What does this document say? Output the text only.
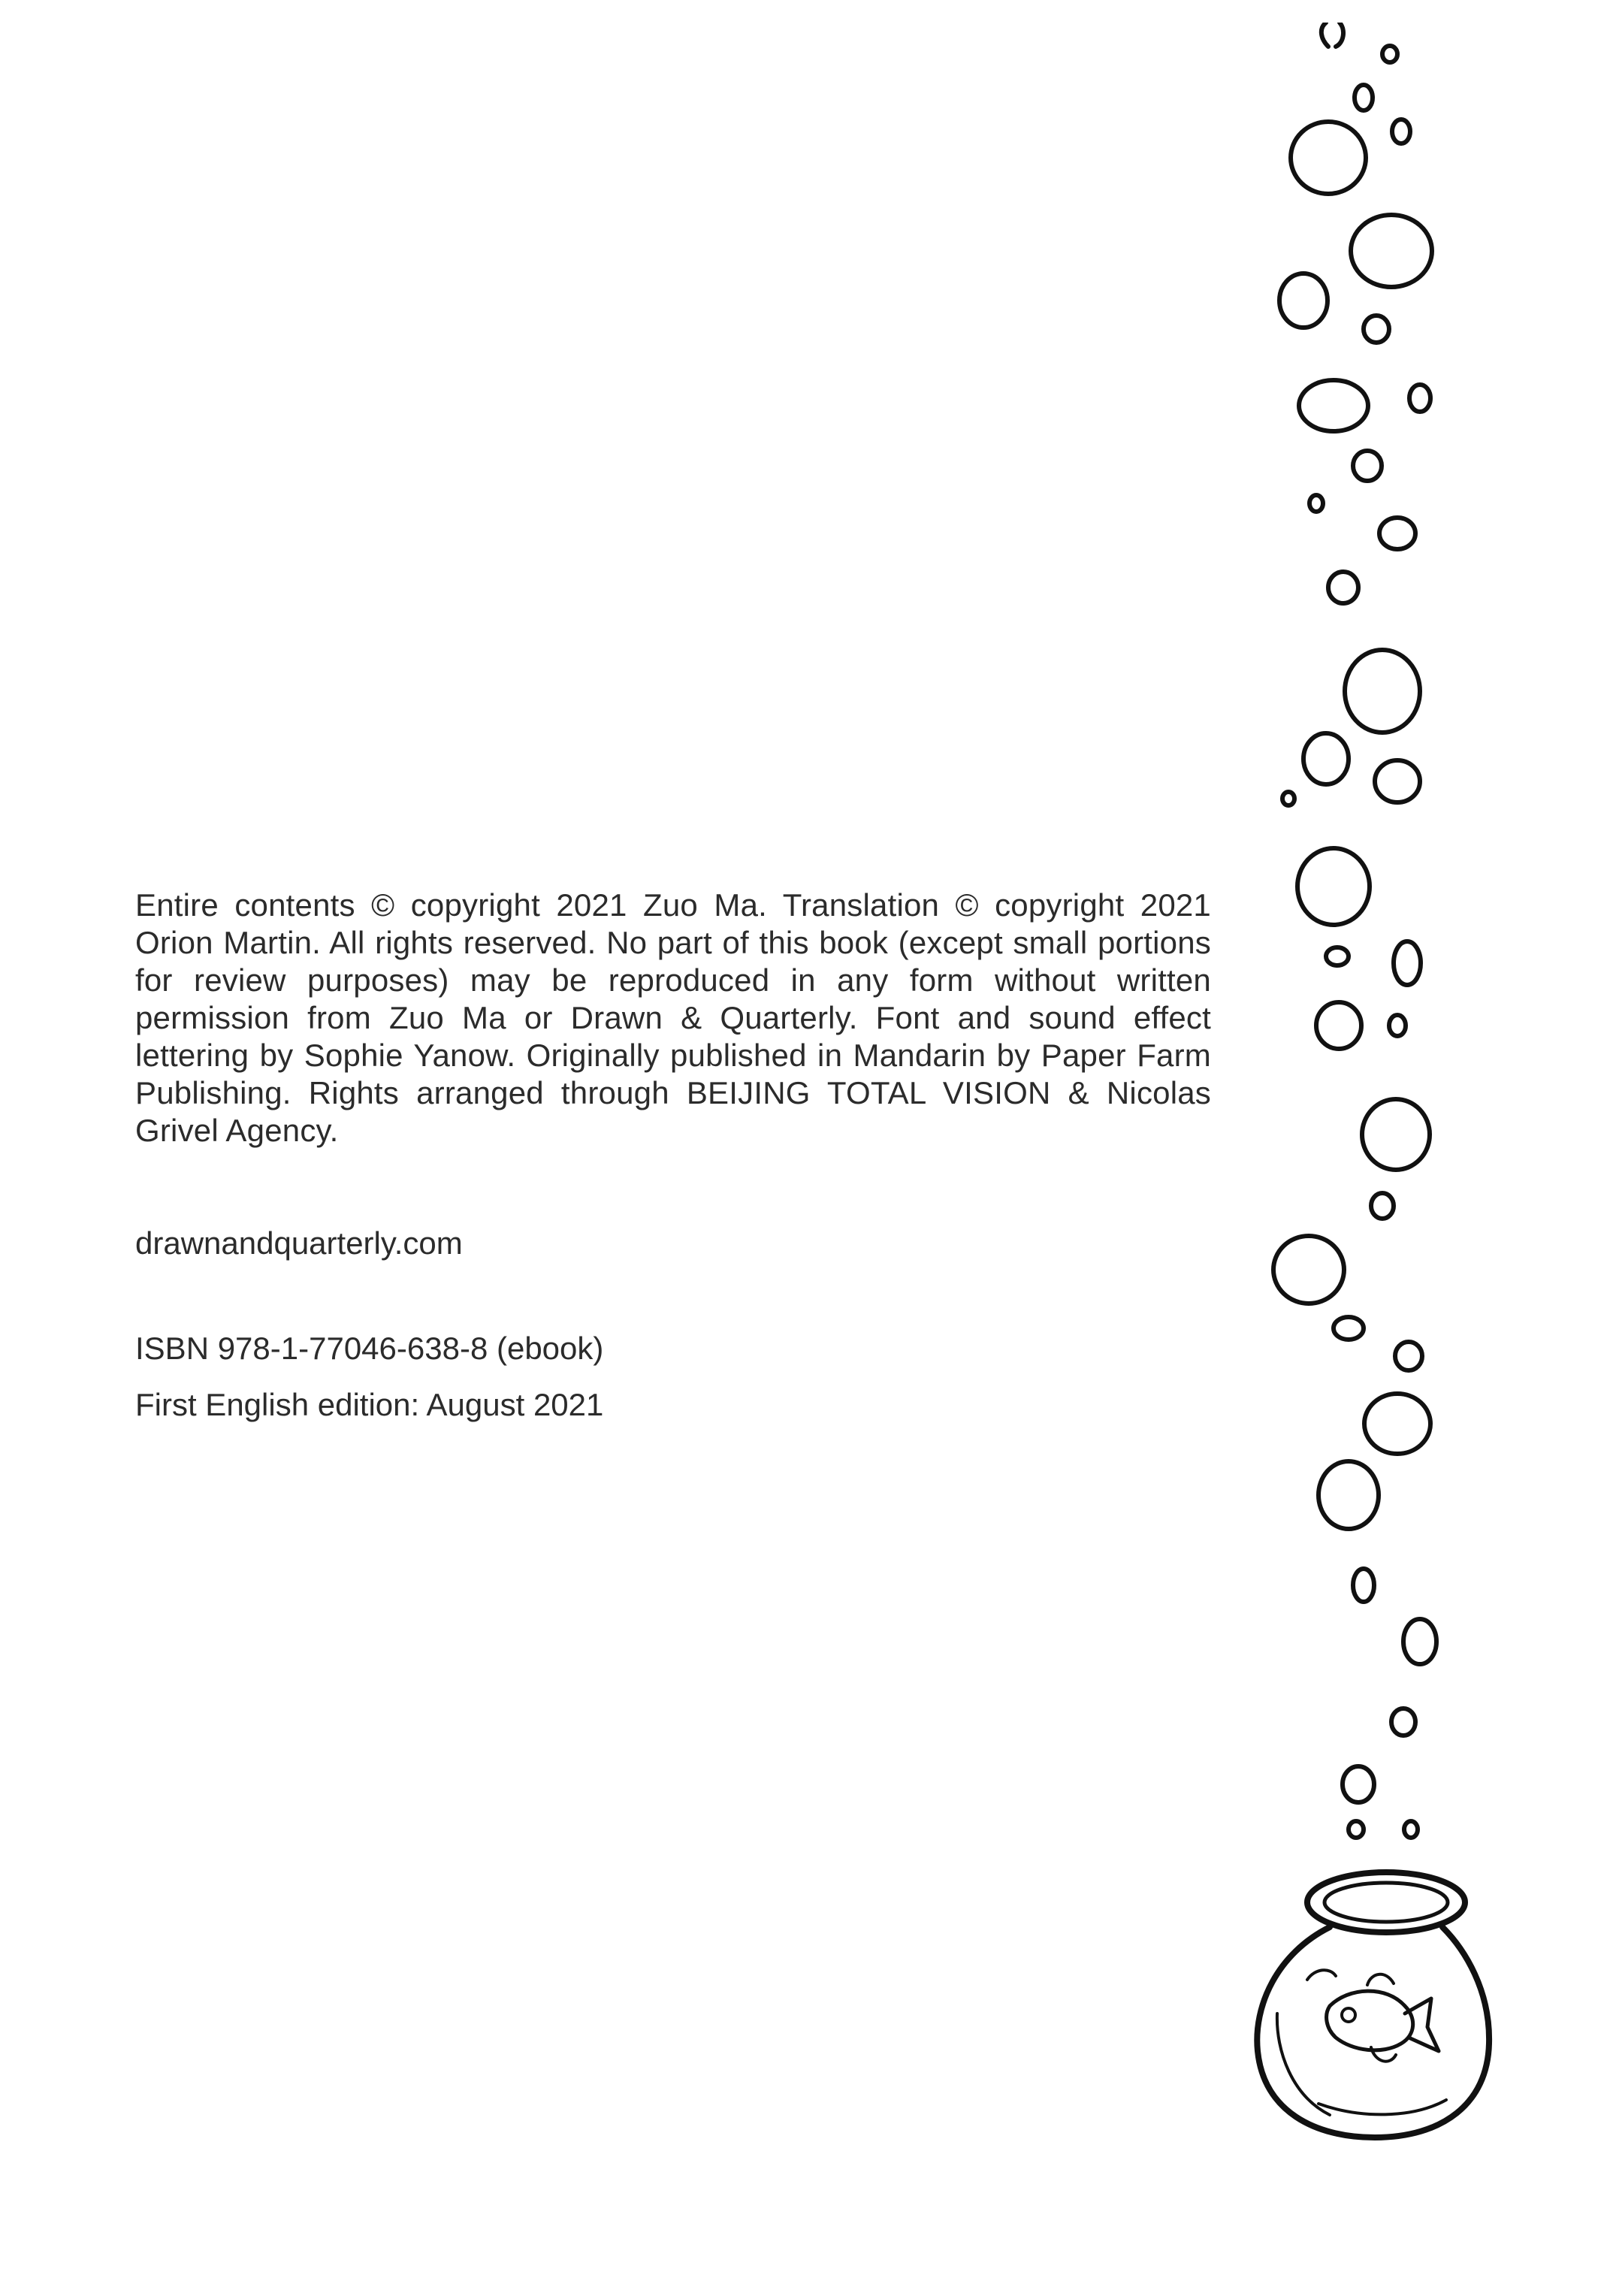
Entire contents © copyright 2021 Zuo Ma. Translation © copyright 2021 Orion Martin. All rights reserved. No part of this book (except small portions for review purposes) may be reproduced in any form without written permission from Zuo Ma or Drawn & Quarterly. Font and sound effect lettering by Sophie Yanow. Originally published in Mandarin by Paper Farm Publishing. Rights arranged through BEIJING TOTAL VISION & Nicolas Grivel Agency.

drawnandquarterly.com

ISBN 978-1-77046-638-8 (ebook)

First English edition: August 2021
